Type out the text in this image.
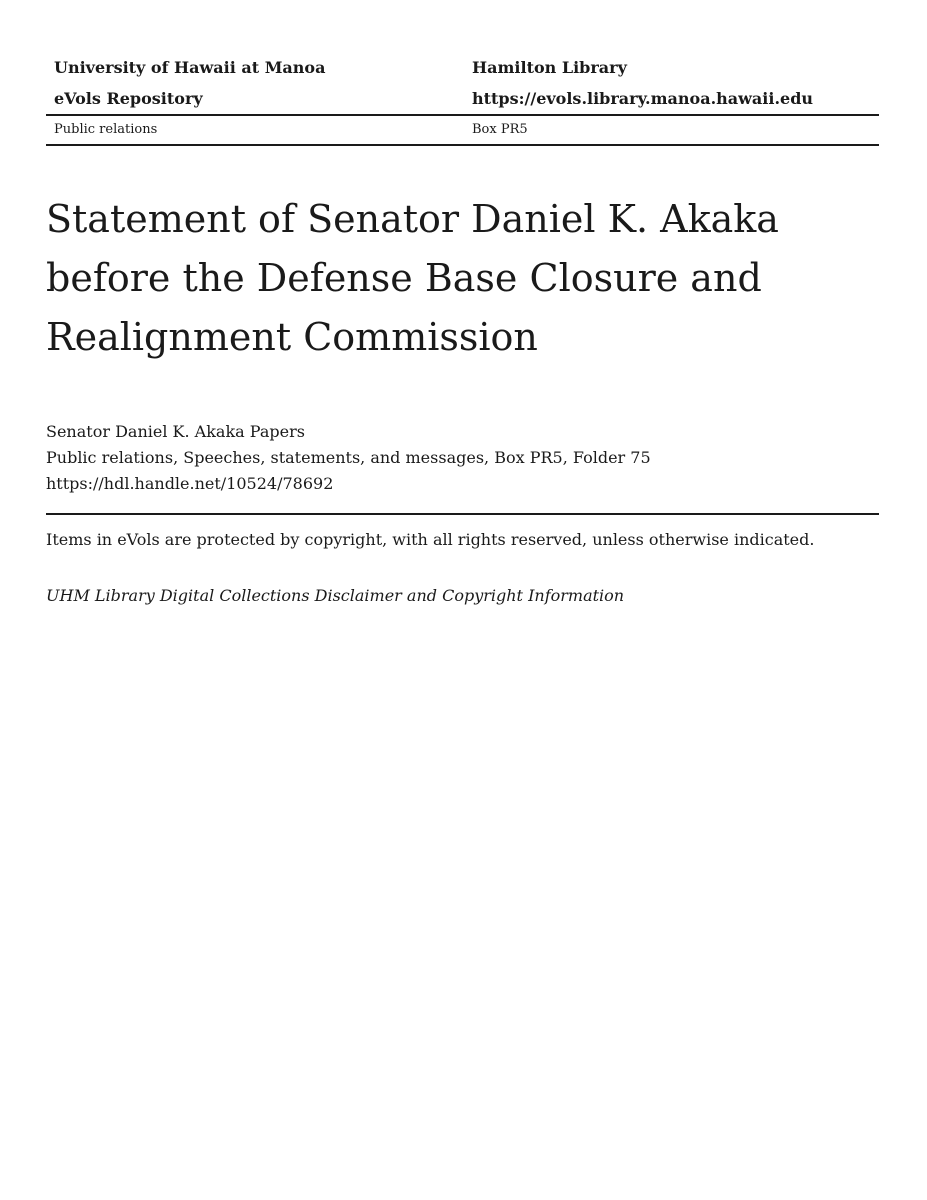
University of Hawaii at Manoa	Hamilton Library
eVols Repository	https://evols.library.manoa.hawaii.edu
Public relations	Box PR5
Statement of Senator Daniel K. Akaka before the Defense Base Closure and Realignment Commission
Senator Daniel K. Akaka Papers
Public relations, Speeches, statements, and messages, Box PR5, Folder 75
https://hdl.handle.net/10524/78692
Items in eVols are protected by copyright, with all rights reserved, unless otherwise indicated.
UHM Library Digital Collections Disclaimer and Copyright Information
